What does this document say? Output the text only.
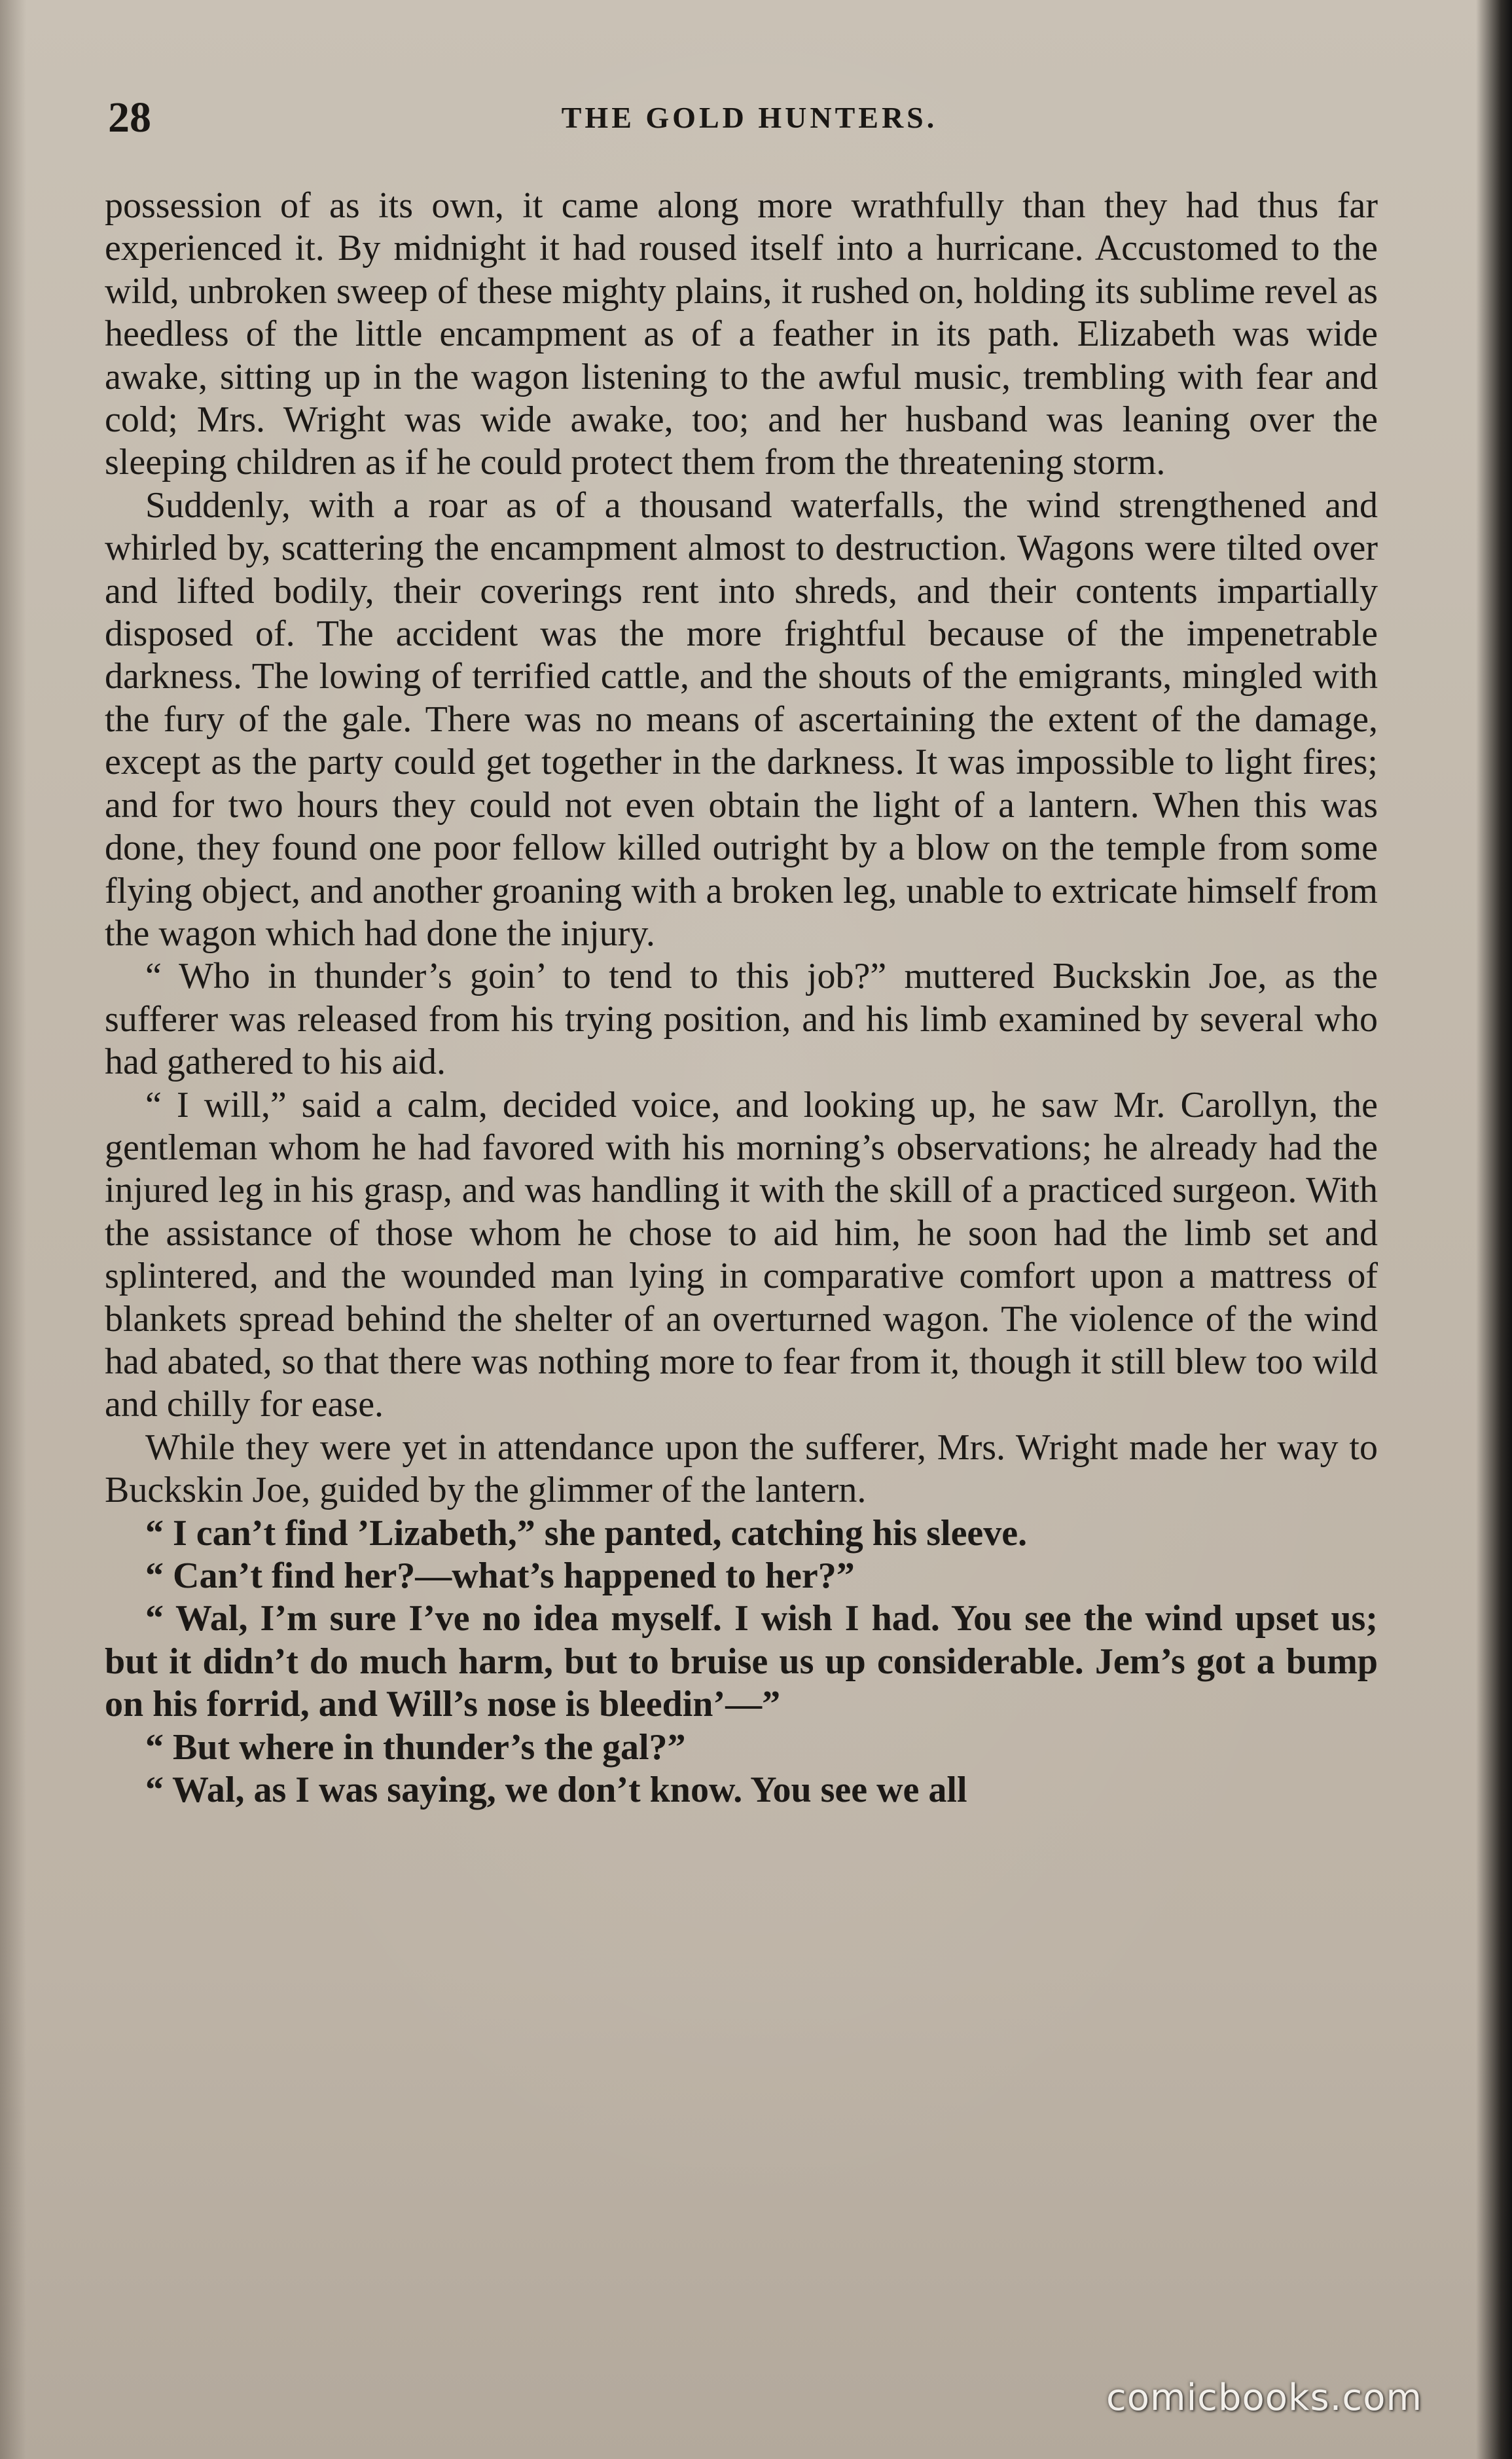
28	THE GOLD HUNTERS.

possession of as its own, it came along more wrathfully than they had thus far experienced it. By midnight it had roused itself into a hurricane. Accustomed to the wild, unbroken sweep of these mighty plains, it rushed on, holding its sublime revel as heedless of the little encampment as of a feather in its path. Elizabeth was wide awake, sitting up in the wagon listening to the awful music, trembling with fear and cold; Mrs. Wright was wide awake, too; and her husband was leaning over the sleeping children as if he could protect them from the threatening storm.

Suddenly, with a roar as of a thousand waterfalls, the wind strengthened and whirled by, scattering the encampment almost to destruction. Wagons were tilted over and lifted bodily, their coverings rent into shreds, and their contents impartially disposed of. The accident was the more frightful because of the impenetrable darkness. The lowing of terrified cattle, and the shouts of the emigrants, mingled with the fury of the gale. There was no means of ascertaining the extent of the damage, except as the party could get together in the darkness. It was impossible to light fires; and for two hours they could not even obtain the light of a lantern. When this was done, they found one poor fellow killed outright by a blow on the temple from some flying object, and another groaning with a broken leg, unable to extricate himself from the wagon which had done the injury.

“ Who in thunder’s goin’ to tend to this job?” muttered Buckskin Joe, as the sufferer was released from his trying position, and his limb examined by several who had gathered to his aid.

“ I will,” said a calm, decided voice, and looking up, he saw Mr. Carollyn, the gentleman whom he had favored with his morning’s observations; he already had the injured leg in his grasp, and was handling it with the skill of a practiced surgeon. With the assistance of those whom he chose to aid him, he soon had the limb set and splintered, and the wounded man lying in comparative comfort upon a mattress of blankets spread behind the shelter of an overturned wagon. The violence of the wind had abated, so that there was nothing more to fear from it, though it still blew too wild and chilly for ease.

While they were yet in attendance upon the sufferer, Mrs. Wright made her way to Buckskin Joe, guided by the glimmer of the lantern.

“ I can’t find ’Lizabeth,” she panted, catching his sleeve.

“ Can’t find her?—what’s happened to her?”

“ Wal, I’m sure I’ve no idea myself. I wish I had. You see the wind upset us; but it didn’t do much harm, but to bruise us up considerable. Jem’s got a bump on his forrid, and Will’s nose is bleedin’—”

“ But where in thunder’s the gal?”

“ Wal, as I was saying, we don’t know. You see we all

comicbooks.com
